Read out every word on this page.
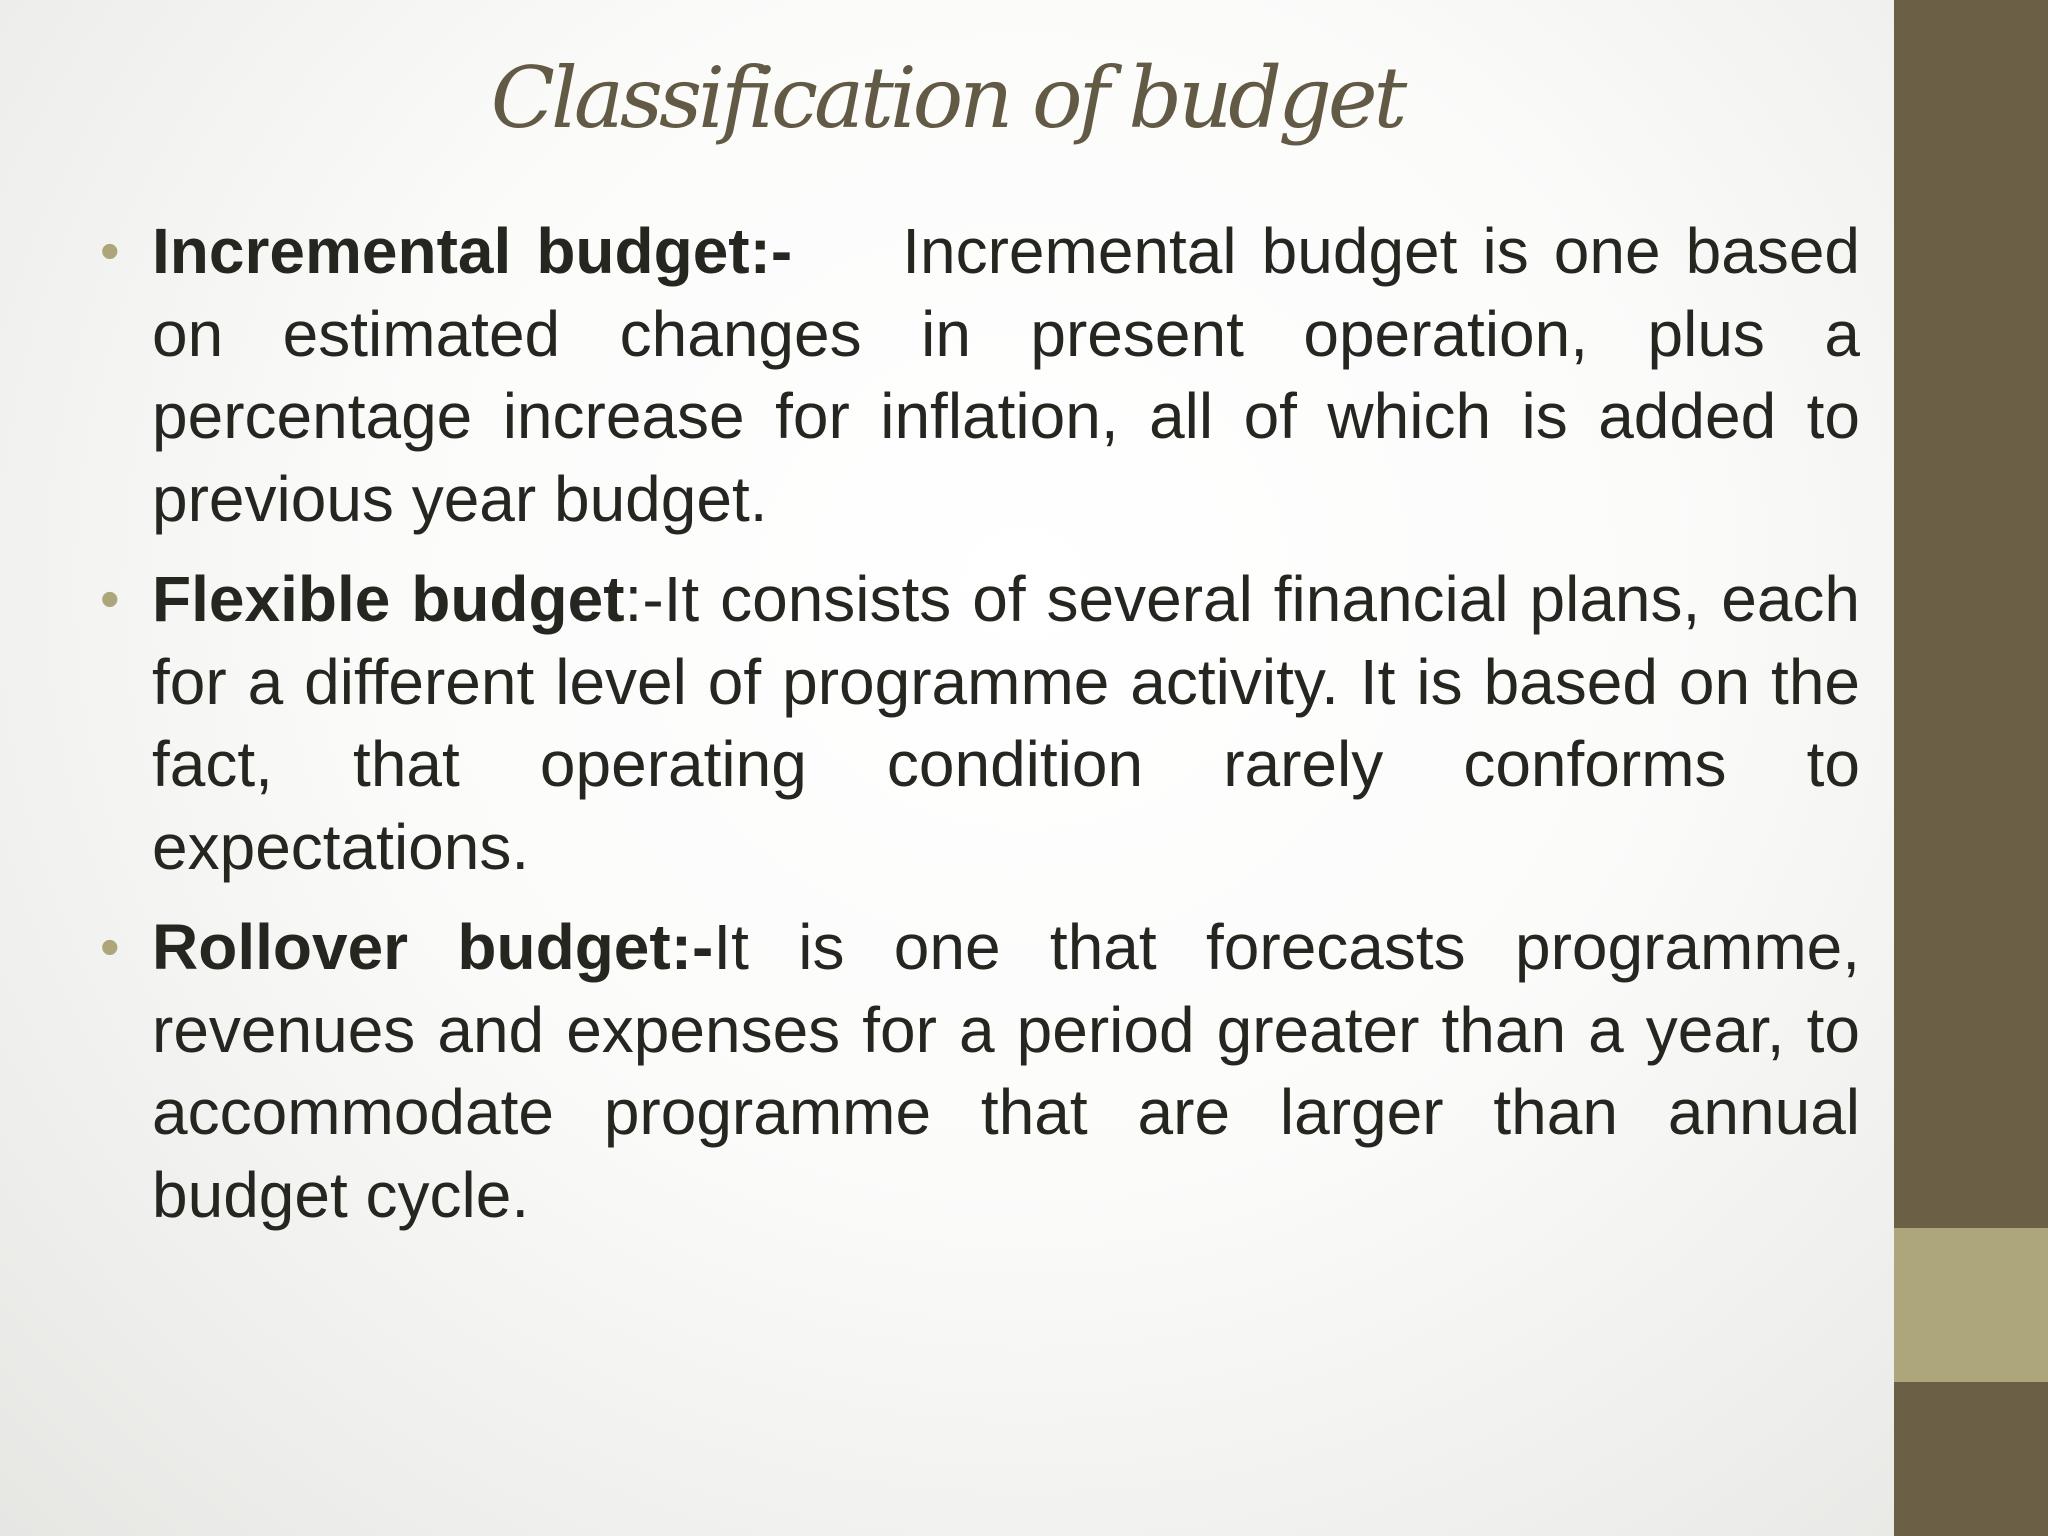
Classification of budget
• Incremental budget:- Incremental budget is one based on estimated changes in present operation, plus a percentage increase for inflation, all of which is added to previous year budget.
• Flexible budget:-It consists of several financial plans, each for a different level of programme activity. It is based on the fact, that operating condition rarely conforms to expectations.
• Rollover budget:-It is one that forecasts programme, revenues and expenses for a period greater than a year, to accommodate programme that are larger than annual budget cycle.
